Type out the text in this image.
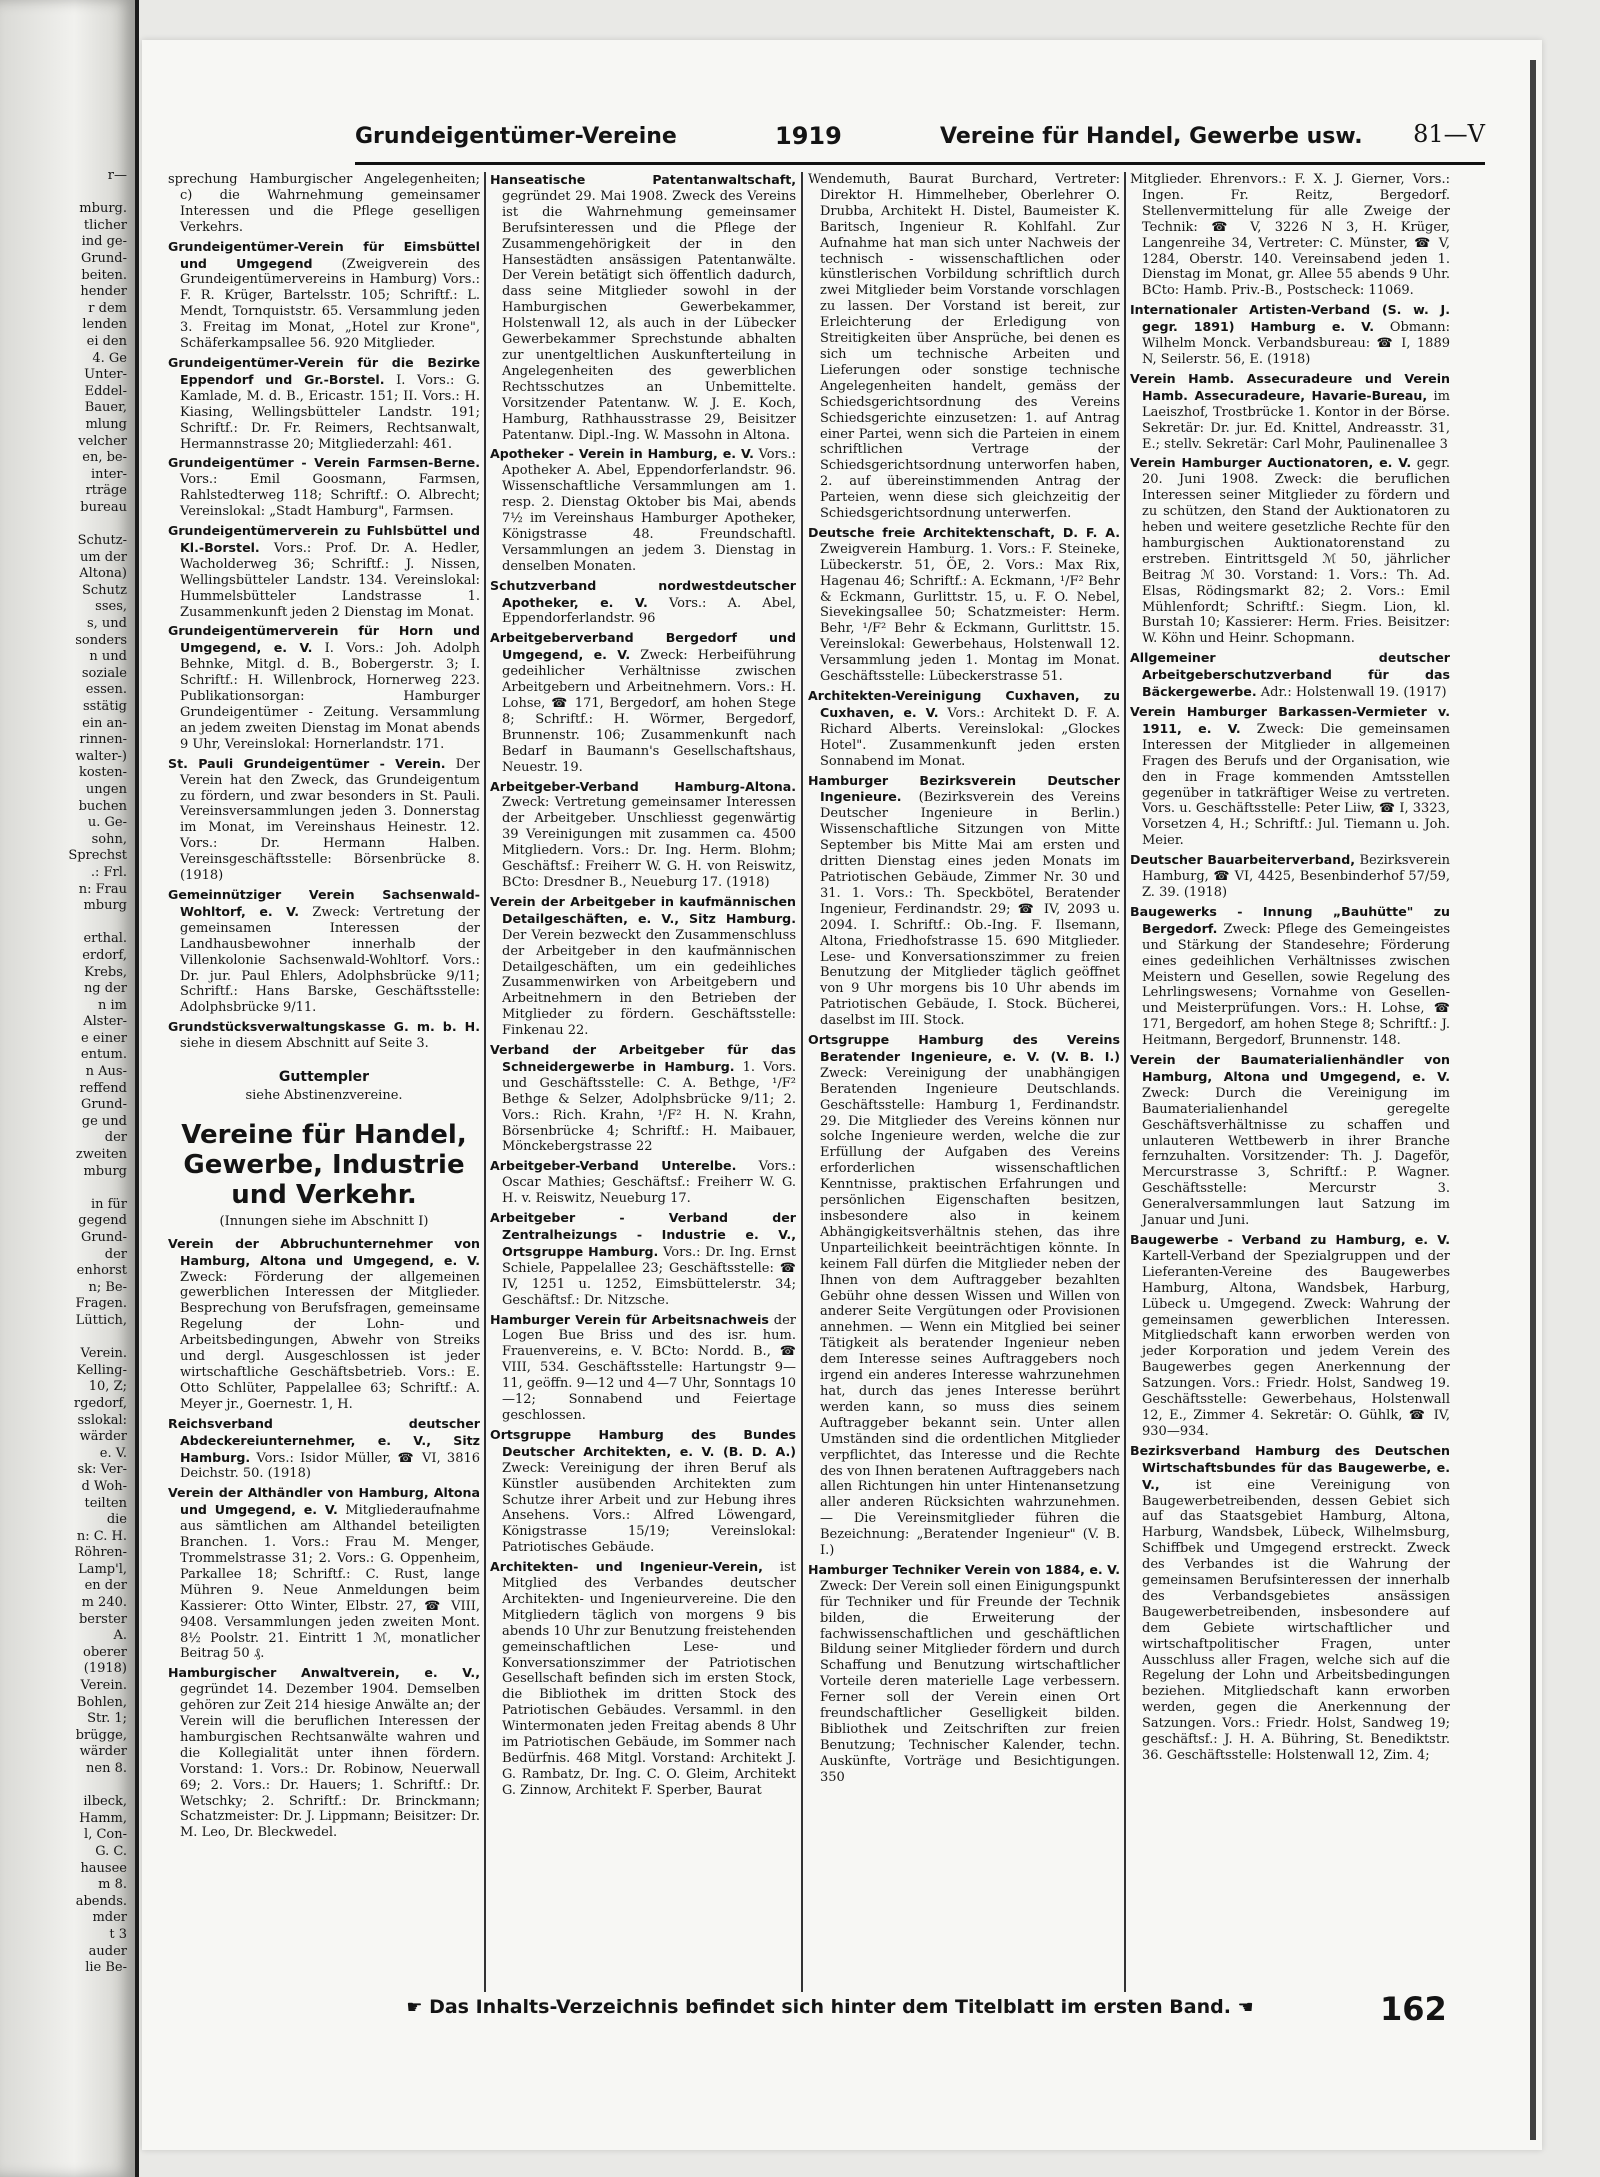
r—

mburg.
tlicher
ind ge-
Grund-
beiten.
hender
r dem
lenden
ei den
4. Ge
Unter-
Eddel-
Bauer,
mlung
velcher
en, be-
inter-
rträge
bureau

Schutz-
um der
Altona)
Schutz
sses,
s, und
sonders
n und
soziale
essen.
sstätig
ein an-
rinnen-
walter-)
kosten-
ungen
buchen
u. Ge-
sohn,
Sprechst
.: Frl.
n: Frau
mburg

erthal.
erdorf,
Krebs,
ng der
n im
Alster-
e einer
entum.
n Aus-
reffend
Grund-
ge und
der
zweiten
mburg

in für
gegend
Grund-
der
enhorst
n; Be-
Fragen.
Lüttich,

Verein.
Kelling-
10, Z;
rgedorf,
sslokal:
wärder
e. V.
sk: Ver-
d Woh-
teilten
die
n: C. H.
Röhren-
Lamp'l,
en der
m 240.
berster
A.
oberer
(1918)
Verein.
Bohlen,
Str. 1;
brügge,
wärder
nen 8.

ilbeck,
Hamm,
l, Con-
G. C.
hausee
m 8.
abends.
mder
t 3
auder
lie Be-
Grundeigentümer-Vereine	1919	Vereine für Handel, Gewerbe usw. 81—V

sprechung Hamburgischer Angelegenheiten; c) die Wahrnehmung gemeinsamer Interessen und die Pflege geselligen Verkehrs.

Grundeigentümer-Verein für Eimsbüttel und Umgegend (Zweigverein des Grundeigentümervereins in Hamburg) Vors.: F. R. Krüger, Bartelsstr. 105; Schriftf.: L. Mendt, Tornquiststr. 65. Versammlung jeden 3. Freitag im Monat, „Hotel zur Krone", Schäferkampsallee 56. 920 Mitglieder.

Grundeigentümer-Verein für die Bezirke Eppendorf und Gr.-Borstel. I. Vors.: G. Kamlade, M. d. B., Ericastr. 151; II. Vors.: H. Kiasing, Wellingsbütteler Landstr. 191; Schriftf.: Dr. Fr. Reimers, Rechtsanwalt, Hermannstrasse 20; Mitgliederzahl: 461.

Grundeigentümer - Verein Farmsen-Berne. Vors.: Emil Goosmann, Farmsen, Rahlstedterweg 118; Schriftf.: O. Albrecht; Vereinslokal: „Stadt Hamburg", Farmsen.

Grundeigentümerverein zu Fuhlsbüttel und Kl.-Borstel. Vors.: Prof. Dr. A. Hedler, Wacholderweg 36; Schriftf.: J. Nissen, Wellingsbütteler Landstr. 134. Vereinslokal: Hummelsbütteler Landstrasse 1. Zusammenkunft jeden 2 Dienstag im Monat.

Grundeigentümerverein für Horn und Umgegend, e. V. I. Vors.: Joh. Adolph Behnke, Mitgl. d. B., Bobergerstr. 3; I. Schriftf.: H. Willenbrock, Hornerweg 223. Publikationsorgan: Hamburger Grundeigentümer - Zeitung. Versammlung an jedem zweiten Dienstag im Monat abends 9 Uhr, Vereinslokal: Hornerlandstr. 171.

St. Pauli Grundeigentümer - Verein. Der Verein hat den Zweck, das Grundeigentum zu fördern, und zwar besonders in St. Pauli. Vereinsversammlungen jeden 3. Donnerstag im Monat, im Vereinshaus Heinestr. 12. Vors.: Dr. Hermann Halben. Vereinsgeschäftsstelle: Börsenbrücke 8. (1918)

Gemeinnütziger Verein Sachsenwald-Wohltorf, e. V. Zweck: Vertretung der gemeinsamen Interessen der Landhausbewohner innerhalb der Villenkolonie Sachsenwald-Wohltorf. Vors.: Dr. jur. Paul Ehlers, Adolphsbrücke 9/11; Schriftf.: Hans Barske, Geschäftsstelle: Adolphsbrücke 9/11.

Grundstücksverwaltungskasse G. m. b. H. siehe in diesem Abschnitt auf Seite 3.

Guttempler
siehe Abstinenzvereine.
Vereine für Handel, Gewerbe, Industrie und Verkehr.
(Innungen siehe im Abschnitt I)

Verein der Abbruchunternehmer von Hamburg, Altona und Umgegend, e. V. Zweck: Förderung der allgemeinen gewerblichen Interessen der Mitglieder. Besprechung von Berufsfragen, gemeinsame Regelung der Lohn- und Arbeitsbedingungen, Abwehr von Streiks und dergl. Ausgeschlossen ist jeder wirtschaftliche Geschäftsbetrieb. Vors.: E. Otto Schlüter, Pappelallee 63; Schriftf.: A. Meyer jr., Goernestr. 1, H.

Reichsverband deutscher Abdeckereiunternehmer, e. V., Sitz Hamburg. Vors.: Isidor Müller, ☎ VI, 3816 Deichstr. 50. (1918)

Verein der Althändler von Hamburg, Altona und Umgegend, e. V. Mitgliederaufnahme aus sämtlichen am Althandel beteiligten Branchen. 1. Vors.: Frau M. Menger, Trommelstrasse 31; 2. Vors.: G. Oppenheim, Parkallee 18; Schriftf.: C. Rust, lange Mühren 9. Neue Anmeldungen beim Kassierer: Otto Winter, Elbstr. 27, ☎ VIII, 9408. Versammlungen jeden zweiten Mont. 8½ Poolstr. 21. Eintritt 1 ℳ, monatlicher Beitrag 50 ₰.

Hamburgischer Anwaltverein, e. V., gegründet 14. Dezember 1904. Demselben gehören zur Zeit 214 hiesige Anwälte an; der Verein will die beruflichen Interessen der hamburgischen Rechtsanwälte wahren und die Kollegialität unter ihnen fördern. Vorstand: 1. Vors.: Dr. Robinow, Neuerwall 69; 2. Vors.: Dr. Hauers; 1. Schriftf.: Dr. Wetschky; 2. Schriftf.: Dr. Brinckmann; Schatzmeister: Dr. J. Lippmann; Beisitzer: Dr. M. Leo, Dr. Bleckwedel.

Hanseatische Patentanwaltschaft, gegründet 29. Mai 1908. Zweck des Vereins ist die Wahrnehmung gemeinsamer Berufsinteressen und die Pflege der Zusammengehörigkeit der in den Hansestädten ansässigen Patentanwälte. Der Verein betätigt sich öffentlich dadurch, dass seine Mitglieder sowohl in der Hamburgischen Gewerbekammer, Holstenwall 12, als auch in der Lübecker Gewerbekammer Sprechstunde abhalten zur unentgeltlichen Auskunfterteilung in Angelegenheiten des gewerblichen Rechtsschutzes an Unbemittelte. Vorsitzender Patentanw. W. J. E. Koch, Hamburg, Rathhausstrasse 29, Beisitzer Patentanw. Dipl.-Ing. W. Massohn in Altona.

Apotheker - Verein in Hamburg, e. V. Vors.: Apotheker A. Abel, Eppendorferlandstr. 96. Wissenschaftliche Versammlungen am 1. resp. 2. Dienstag Oktober bis Mai, abends 7½ im Vereinshaus Hamburger Apotheker, Königstrasse 48. Freundschaftl. Versammlungen an jedem 3. Dienstag in denselben Monaten.

Schutzverband nordwestdeutscher Apotheker, e. V. Vors.: A. Abel, Eppendorferlandstr. 96

Arbeitgeberverband Bergedorf und Umgegend, e. V. Zweck: Herbeiführung gedeihlicher Verhältnisse zwischen Arbeitgebern und Arbeitnehmern. Vors.: H. Lohse, ☎ 171, Bergedorf, am hohen Stege 8; Schriftf.: H. Wörmer, Bergedorf, Brunnenstr. 106; Zusammenkunft nach Bedarf in Baumann's Gesellschaftshaus, Neuestr. 19.

Arbeitgeber-Verband Hamburg-Altona. Zweck: Vertretung gemeinsamer Interessen der Arbeitgeber. Unschliesst gegenwärtig 39 Vereinigungen mit zusammen ca. 4500 Mitgliedern. Vors.: Dr. Ing. Herm. Blohm; Geschäftsf.: Freiherr W. G. H. von Reiswitz, BCto: Dresdner B., Neueburg 17. (1918)

Verein der Arbeitgeber in kaufmännischen Detailgeschäften, e. V., Sitz Hamburg. Der Verein bezweckt den Zusammenschluss der Arbeitgeber in den kaufmännischen Detailgeschäften, um ein gedeihliches Zusammenwirken von Arbeitgebern und Arbeitnehmern in den Betrieben der Mitglieder zu fördern. Geschäftsstelle: Finkenau 22.

Verband der Arbeitgeber für das Schneidergewerbe in Hamburg. 1. Vors. und Geschäftsstelle: C. A. Bethge, ¹/F² Bethge & Selzer, Adolphsbrücke 9/11; 2. Vors.: Rich. Krahn, ¹/F² H. N. Krahn, Börsenbrücke 4; Schriftf.: H. Maibauer, Mönckebergstrasse 22

Arbeitgeber-Verband Unterelbe. Vors.: Oscar Mathies; Geschäftsf.: Freiherr W. G. H. v. Reiswitz, Neueburg 17.

Arbeitgeber - Verband der Zentralheizungs - Industrie e. V., Ortsgruppe Hamburg. Vors.: Dr. Ing. Ernst Schiele, Pappelallee 23; Geschäftsstelle: ☎ IV, 1251 u. 1252, Eimsbüttelerstr. 34; Geschäftsf.: Dr. Nitzsche.

Hamburger Verein für Arbeitsnachweis der Logen Bue Briss und des isr. hum. Frauenvereins, e. V. BCto: Nordd. B., ☎ VIII, 534. Geschäftsstelle: Hartungstr 9—11, geöffn. 9—12 und 4—7 Uhr, Sonntags 10—12; Sonnabend und Feiertage geschlossen.

Ortsgruppe Hamburg des Bundes Deutscher Architekten, e. V. (B. D. A.) Zweck: Vereinigung der ihren Beruf als Künstler ausübenden Architekten zum Schutze ihrer Arbeit und zur Hebung ihres Ansehens. Vors.: Alfred Löwengard, Königstrasse 15/19; Vereinslokal: Patriotisches Gebäude.

Architekten- und Ingenieur-Verein, ist Mitglied des Verbandes deutscher Architekten- und Ingenieurvereine. Die den Mitgliedern täglich von morgens 9 bis abends 10 Uhr zur Benutzung freistehenden gemeinschaftlichen Lese- und Konversationszimmer der Patriotischen Gesellschaft befinden sich im ersten Stock, die Bibliothek im dritten Stock des Patriotischen Gebäudes. Versamml. in den Wintermonaten jeden Freitag abends 8 Uhr im Patriotischen Gebäude, im Sommer nach Bedürfnis. 468 Mitgl. Vorstand: Architekt J. G. Rambatz, Dr. Ing. C. O. Gleim, Architekt G. Zinnow, Architekt F. Sperber, Baurat

Wendemuth, Baurat Burchard, Vertreter: Direktor H. Himmelheber, Oberlehrer O. Drubba, Architekt H. Distel, Baumeister K. Baritsch, Ingenieur R. Kohlfahl. Zur Aufnahme hat man sich unter Nachweis der technisch - wissenschaftlichen oder künstlerischen Vorbildung schriftlich durch zwei Mitglieder beim Vorstande vorschlagen zu lassen. Der Vorstand ist bereit, zur Erleichterung der Erledigung von Streitigkeiten über Ansprüche, bei denen es sich um technische Arbeiten und Lieferungen oder sonstige technische Angelegenheiten handelt, gemäss der Schiedsgerichtsordnung des Vereins Schiedsgerichte einzusetzen: 1. auf Antrag einer Partei, wenn sich die Parteien in einem schriftlichen Vertrage der Schiedsgerichtsordnung unterworfen haben, 2. auf übereinstimmenden Antrag der Parteien, wenn diese sich gleichzeitig der Schiedsgerichtsordnung unterwerfen.

Deutsche freie Architektenschaft, D. F. A. Zweigverein Hamburg. 1. Vors.: F. Steineke, Lübeckerstr. 51, ÖE, 2. Vors.: Max Rix, Hagenau 46; Schriftf.: A. Eckmann, ¹/F² Behr & Eckmann, Gurlittstr. 15, u. F. O. Nebel, Sievekingsallee 50; Schatzmeister: Herm. Behr, ¹/F² Behr & Eckmann, Gurlittstr. 15. Vereinslokal: Gewerbehaus, Holstenwall 12. Versammlung jeden 1. Montag im Monat. Geschäftsstelle: Lübeckerstrasse 51.

Architekten-Vereinigung Cuxhaven, zu Cuxhaven, e. V. Vors.: Architekt D. F. A. Richard Alberts. Vereinslokal: „Glockes Hotel". Zusammenkunft jeden ersten Sonnabend im Monat.

Hamburger Bezirksverein Deutscher Ingenieure. (Bezirksverein des Vereins Deutscher Ingenieure in Berlin.) Wissenschaftliche Sitzungen von Mitte September bis Mitte Mai am ersten und dritten Dienstag eines jeden Monats im Patriotischen Gebäude, Zimmer Nr. 30 und 31. 1. Vors.: Th. Speckbötel, Beratender Ingenieur, Ferdinandstr. 29; ☎ IV, 2093 u. 2094. I. Schriftf.: Ob.-Ing. F. Ilsemann, Altona, Friedhofstrasse 15. 690 Mitglieder. Lese- und Konversationszimmer zu freien Benutzung der Mitglieder täglich geöffnet von 9 Uhr morgens bis 10 Uhr abends im Patriotischen Gebäude, I. Stock. Bücherei, daselbst im III. Stock.

Ortsgruppe Hamburg des Vereins Beratender Ingenieure, e. V. (V. B. I.) Zweck: Vereinigung der unabhängigen Beratenden Ingenieure Deutschlands. Geschäftsstelle: Hamburg 1, Ferdinandstr. 29. Die Mitglieder des Vereins können nur solche Ingenieure werden, welche die zur Erfüllung der Aufgaben des Vereins erforderlichen wissenschaftlichen Kenntnisse, praktischen Erfahrungen und persönlichen Eigenschaften besitzen, insbesondere also in keinem Abhängigkeitsverhältnis stehen, das ihre Unparteilichkeit beeinträchtigen könnte. In keinem Fall dürfen die Mitglieder neben der Ihnen von dem Auftraggeber bezahlten Gebühr ohne dessen Wissen und Willen von anderer Seite Vergütungen oder Provisionen annehmen. — Wenn ein Mitglied bei seiner Tätigkeit als beratender Ingenieur neben dem Interesse seines Auftraggebers noch irgend ein anderes Interesse wahrzunehmen hat, durch das jenes Interesse berührt werden kann, so muss dies seinem Auftraggeber bekannt sein. Unter allen Umständen sind die ordentlichen Mitglieder verpflichtet, das Interesse und die Rechte des von Ihnen beratenen Auftraggebers nach allen Richtungen hin unter Hintenansetzung aller anderen Rücksichten wahrzunehmen. — Die Vereinsmitglieder führen die Bezeichnung: „Beratender Ingenieur" (V. B. I.)

Hamburger Techniker Verein von 1884, e. V. Zweck: Der Verein soll einen Einigungspunkt für Techniker und für Freunde der Technik bilden, die Erweiterung der fachwissenschaftlichen und geschäftlichen Bildung seiner Mitglieder fördern und durch Schaffung und Benutzung wirtschaftlicher Vorteile deren materielle Lage verbessern. Ferner soll der Verein einen Ort freundschaftlicher Geselligkeit bilden. Bibliothek und Zeitschriften zur freien Benutzung; Technischer Kalender, techn. Auskünfte, Vorträge und Besichtigungen. 350

Mitglieder. Ehrenvors.: F. X. J. Gierner, Vors.: Ingen. Fr. Reitz, Bergedorf. Stellenvermittelung für alle Zweige der Technik: ☎ V, 3226 N 3, H. Krüger, Langenreihe 34, Vertreter: C. Münster, ☎ V, 1284, Oberstr. 140. Vereinsabend jeden 1. Dienstag im Monat, gr. Allee 55 abends 9 Uhr. BCto: Hamb. Priv.-B., Postscheck: 11069.

Internationaler Artisten-Verband (S. w. J. gegr. 1891) Hamburg e. V. Obmann: Wilhelm Monck. Verbandsbureau: ☎ I, 1889 N, Seilerstr. 56, E. (1918)

Verein Hamb. Assecuradeure und Verein Hamb. Assecuradeure, Havarie-Bureau, im Laeiszhof, Trostbrücke 1. Kontor in der Börse. Sekretär: Dr. jur. Ed. Knittel, Andreasstr. 31, E.; stellv. Sekretär: Carl Mohr, Paulinenallee 3

Verein Hamburger Auctionatoren, e. V. gegr. 20. Juni 1908. Zweck: die beruflichen Interessen seiner Mitglieder zu fördern und zu schützen, den Stand der Auktionatoren zu heben und weitere gesetzliche Rechte für den hamburgischen Auktionatorenstand zu erstreben. Eintrittsgeld ℳ 50, jährlicher Beitrag ℳ 30. Vorstand: 1. Vors.: Th. Ad. Elsas, Rödingsmarkt 82; 2. Vors.: Emil Mühlenfordt; Schriftf.: Siegm. Lion, kl. Burstah 10; Kassierer: Herm. Fries. Beisitzer: W. Köhn und Heinr. Schopmann.

Allgemeiner deutscher Arbeitgeberschutzverband für das Bäckergewerbe. Adr.: Holstenwall 19. (1917)

Verein Hamburger Barkassen-Vermieter v. 1911, e. V. Zweck: Die gemeinsamen Interessen der Mitglieder in allgemeinen Fragen des Berufs und der Organisation, wie den in Frage kommenden Amtsstellen gegenüber in tatkräftiger Weise zu vertreten. Vors. u. Geschäftsstelle: Peter Liiw, ☎ I, 3323, Vorsetzen 4, H.; Schriftf.: Jul. Tiemann u. Joh. Meier.

Deutscher Bauarbeiterverband, Bezirksverein Hamburg, ☎ VI, 4425, Besenbinderhof 57/59, Z. 39. (1918)

Baugewerks - Innung „Bauhütte" zu Bergedorf. Zweck: Pflege des Gemeingeistes und Stärkung der Standesehre; Förderung eines gedeihlichen Verhältnisses zwischen Meistern und Gesellen, sowie Regelung des Lehrlingswesens; Vornahme von Gesellen- und Meisterprüfungen. Vors.: H. Lohse, ☎ 171, Bergedorf, am hohen Stege 8; Schriftf.: J. Heitmann, Bergedorf, Brunnenstr. 148.

Verein der Baumaterialienhändler von Hamburg, Altona und Umgegend, e. V. Zweck: Durch die Vereinigung im Baumaterialienhandel geregelte Geschäftsverhältnisse zu schaffen und unlauteren Wettbewerb in ihrer Branche fernzuhalten. Vorsitzender: Th. J. Dageför, Mercurstrasse 3, Schriftf.: P. Wagner. Geschäftsstelle: Mercurstr 3. Generalversammlungen laut Satzung im Januar und Juni.

Baugewerbe - Verband zu Hamburg, e. V. Kartell-Verband der Spezialgruppen und der Lieferanten-Vereine des Baugewerbes Hamburg, Altona, Wandsbek, Harburg, Lübeck u. Umgegend. Zweck: Wahrung der gemeinsamen gewerblichen Interessen. Mitgliedschaft kann erworben werden von jeder Korporation und jedem Verein des Baugewerbes gegen Anerkennung der Satzungen. Vors.: Friedr. Holst, Sandweg 19. Geschäftsstelle: Gewerbehaus, Holstenwall 12, E., Zimmer 4. Sekretär: O. Gühlk, ☎ IV, 930—934.

Bezirksverband Hamburg des Deutschen Wirtschaftsbundes für das Baugewerbe, e. V.,	ist eine Vereinigung von Baugewerbetreibenden, dessen Gebiet sich auf das Staatsgebiet Hamburg, Altona, Harburg, Wandsbek, Lübeck, Wilhelmsburg, Schiffbek und Umgegend erstreckt. Zweck des Verbandes ist die Wahrung der gemeinsamen Berufsinteressen der innerhalb des Verbandsgebietes ansässigen Baugewerbetreibenden, insbesondere auf dem Gebiete wirtschaftlicher und wirtschaftpolitischer Fragen, unter Ausschluss aller Fragen, welche sich auf die Regelung der Lohn und Arbeitsbedingungen beziehen. Mitgliedschaft kann erworben werden, gegen die Anerkennung der Satzungen. Vors.: Friedr. Holst, Sandweg 19; geschäftsf.: J. H. A. Bühring, St. Benediktstr. 36. Geschäftsstelle: Holstenwall 12, Zim. 4;

☛ Das Inhalts-Verzeichnis befindet sich hinter dem Titelblatt im ersten Band. ☚	162
